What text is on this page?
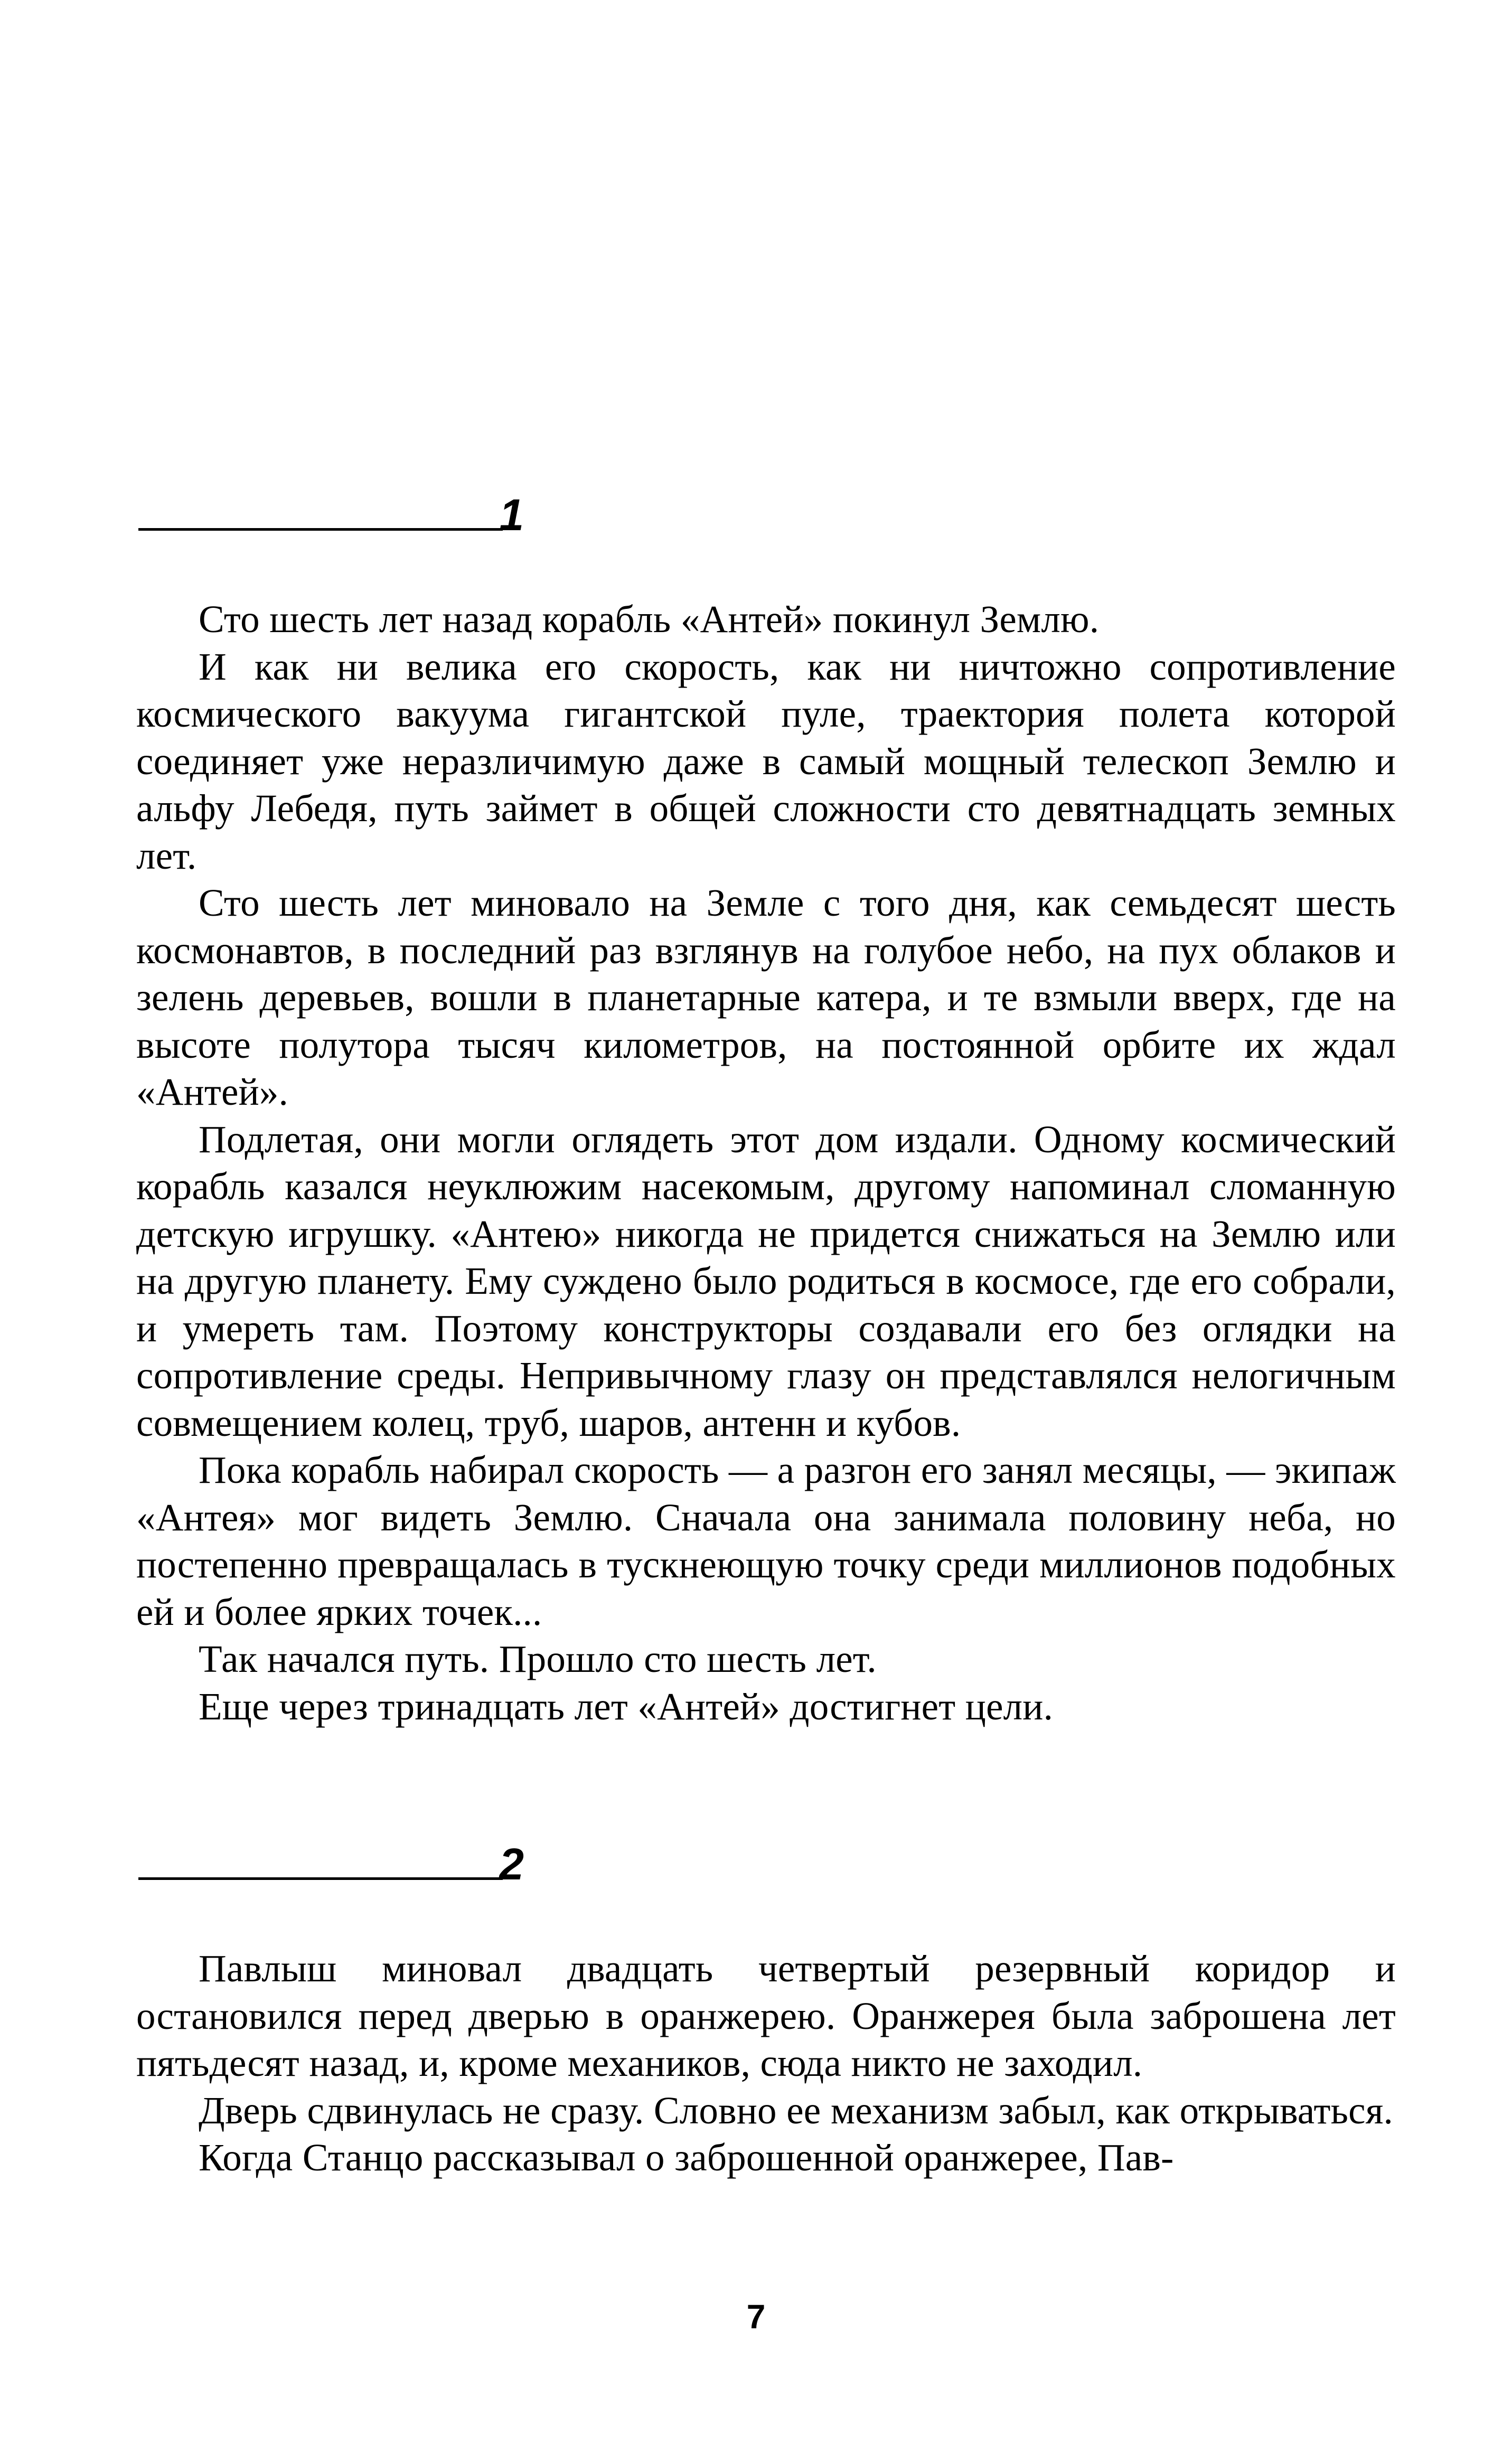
1

Сто шесть лет назад корабль «Антей» покинул Землю.

И как ни велика его скорость, как ни ничтожно сопротивление космического вакуума гигантской пуле, траектория полета которой соединяет уже неразличимую даже в самый мощный телескоп Землю и альфу Лебедя, путь займет в общей сложности сто девятнадцать земных лет.

Сто шесть лет миновало на Земле с того дня, как семьдесят шесть космонавтов, в последний раз взглянув на голубое небо, на пух облаков и зелень деревьев, вошли в планетарные катера, и те взмыли вверх, где на высоте полутора тысяч километров, на постоянной орбите их ждал «Антей».

Подлетая, они могли оглядеть этот дом издали. Одному космический корабль казался неуклюжим насекомым, другому напоминал сломанную детскую игрушку. «Антею» никогда не придется снижаться на Землю или на другую планету. Ему суждено было родиться в космосе, где его собрали, и умереть там. Поэтому конструкторы создавали его без оглядки на сопротивление среды. Непривычному глазу он представлялся нелогичным совмещением колец, труб, шаров, антенн и кубов.

Пока корабль набирал скорость — а разгон его занял месяцы, — экипаж «Антея» мог видеть Землю. Сначала она занимала половину неба, но постепенно превращалась в тускнеющую точку среди миллионов подобных ей и более ярких точек...

Так начался путь. Прошло сто шесть лет.

Еще через тринадцать лет «Антей» достигнет цели.

2

Павлыш миновал двадцать четвертый резервный коридор и остановился перед дверью в оранжерею. Оранжерея была заброшена лет пятьдесят назад, и, кроме механиков, сюда никто не заходил.

Дверь сдвинулась не сразу. Словно ее механизм забыл, как открываться.

Когда Станцо рассказывал о заброшенной оранжерее, Пав-

7
